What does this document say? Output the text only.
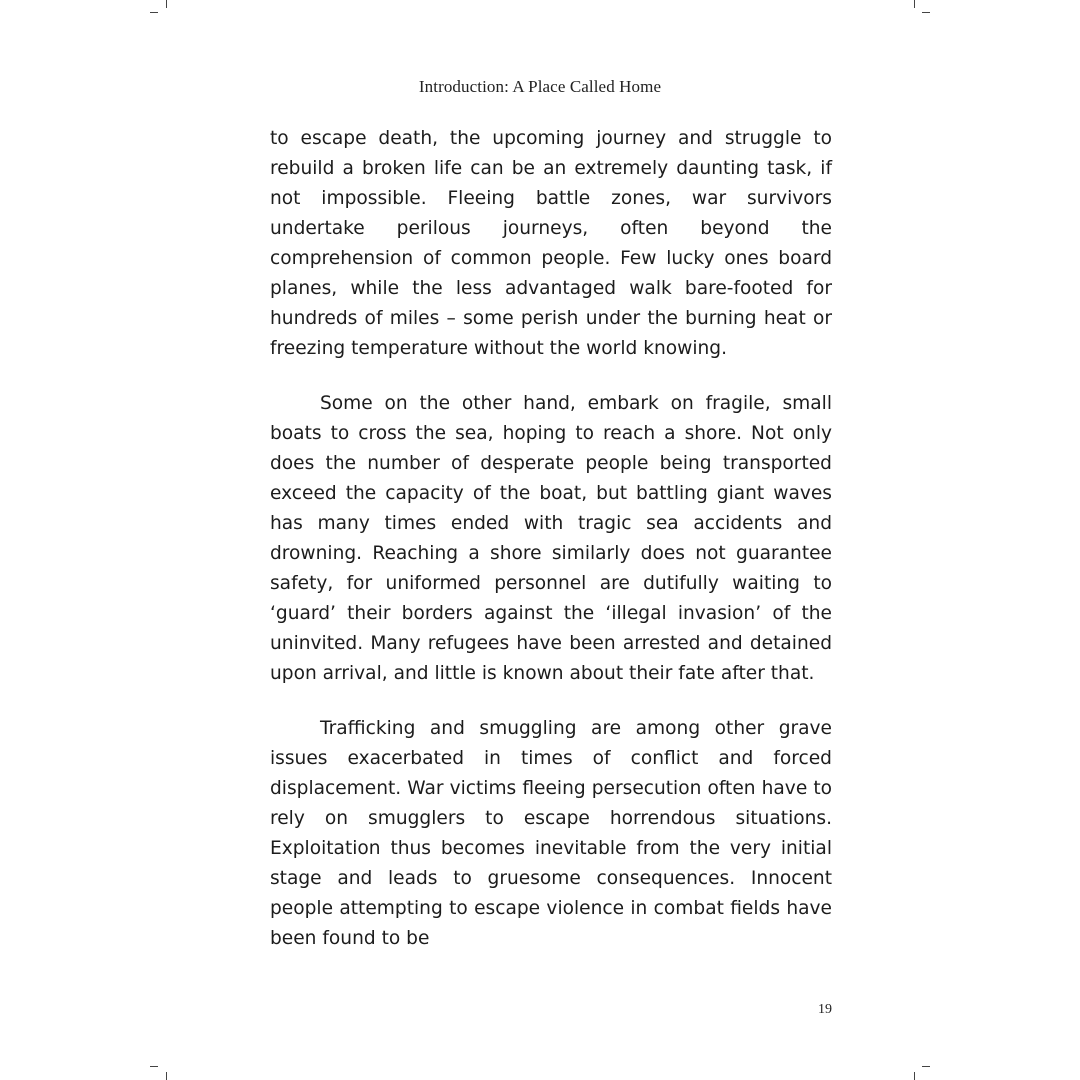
Introduction: A Place Called Home

to escape death, the upcoming journey and struggle to rebuild a broken life can be an extremely daunting task, if not impossible. Fleeing battle zones, war survivors undertake perilous journeys, often beyond the comprehension of common people. Few lucky ones board planes, while the less advantaged walk bare-footed for hundreds of miles – some perish under the burning heat or freezing temperature without the world knowing.

Some on the other hand, embark on fragile, small boats to cross the sea, hoping to reach a shore. Not only does the number of desperate people being transported exceed the capacity of the boat, but battling giant waves has many times ended with tragic sea accidents and drowning. Reaching a shore similarly does not guarantee safety, for uniformed personnel are dutifully waiting to ‘guard’ their borders against the ‘illegal invasion’ of the uninvited. Many refugees have been arrested and detained upon arrival, and little is known about their fate after that.

Trafficking and smuggling are among other grave issues exacerbated in times of conflict and forced displacement. War victims fleeing persecution often have to rely on smugglers to escape horrendous situations. Exploitation thus becomes inevitable from the very initial stage and leads to gruesome consequences. Innocent people attempting to escape violence in combat fields have been found to be

19
